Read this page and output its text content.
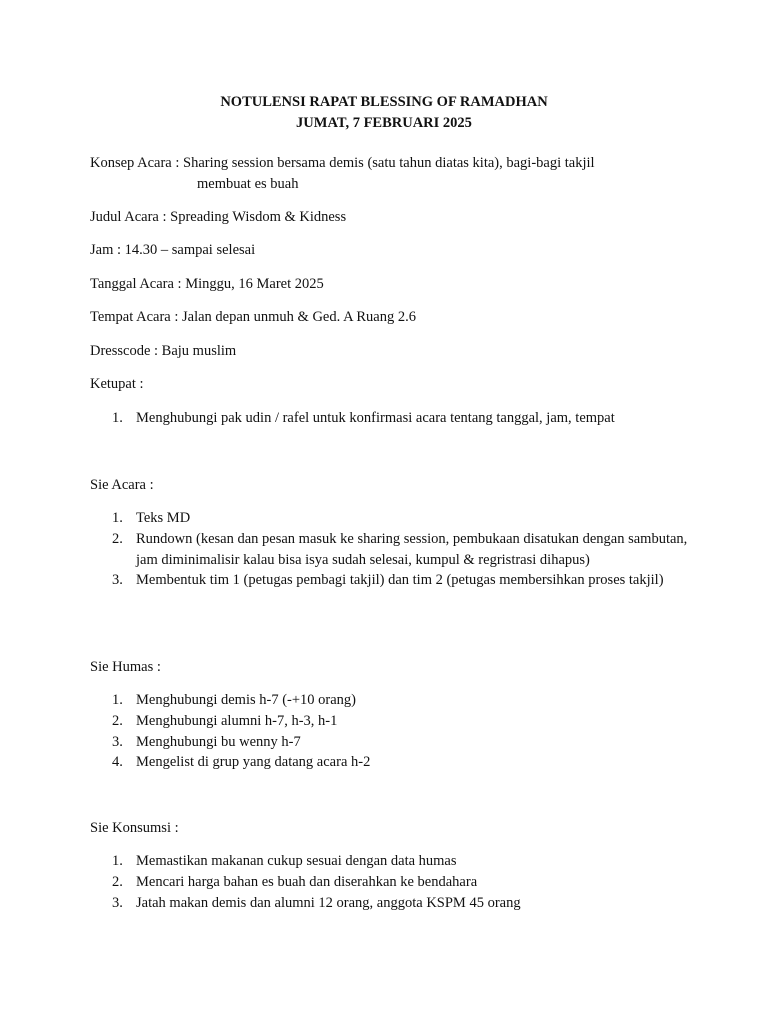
NOTULENSI RAPAT BLESSING OF RAMADHAN

JUMAT, 7 FEBRUARI 2025

Konsep Acara : Sharing session bersama demis (satu tahun diatas kita), bagi-bagi takjil

membuat es buah

Judul Acara : Spreading Wisdom & Kidness

Jam : 14.30 – sampai selesai

Tanggal Acara : Minggu, 16 Maret 2025

Tempat Acara : Jalan depan unmuh & Ged. A Ruang 2.6

Dresscode : Baju muslim

Ketupat :

1. Menghubungi pak udin / rafel untuk konfirmasi acara tentang tanggal, jam, tempat

Sie Acara :

1. Teks MD
2. Rundown (kesan dan pesan masuk ke sharing session, pembukaan disatukan dengan sambutan, jam diminimalisir kalau bisa isya sudah selesai, kumpul & regristrasi dihapus)
3. Membentuk tim 1 (petugas pembagi takjil) dan tim 2 (petugas membersihkan proses takjil)

Sie Humas :

1. Menghubungi demis h-7 (-+10 orang)
2. Menghubungi alumni h-7, h-3, h-1
3. Menghubungi bu wenny h-7
4. Mengelist di grup yang datang acara h-2

Sie Konsumsi :

1. Memastikan makanan cukup sesuai dengan data humas
2. Mencari harga bahan es buah dan diserahkan ke bendahara
3. Jatah makan demis dan alumni 12 orang, anggota KSPM 45 orang
